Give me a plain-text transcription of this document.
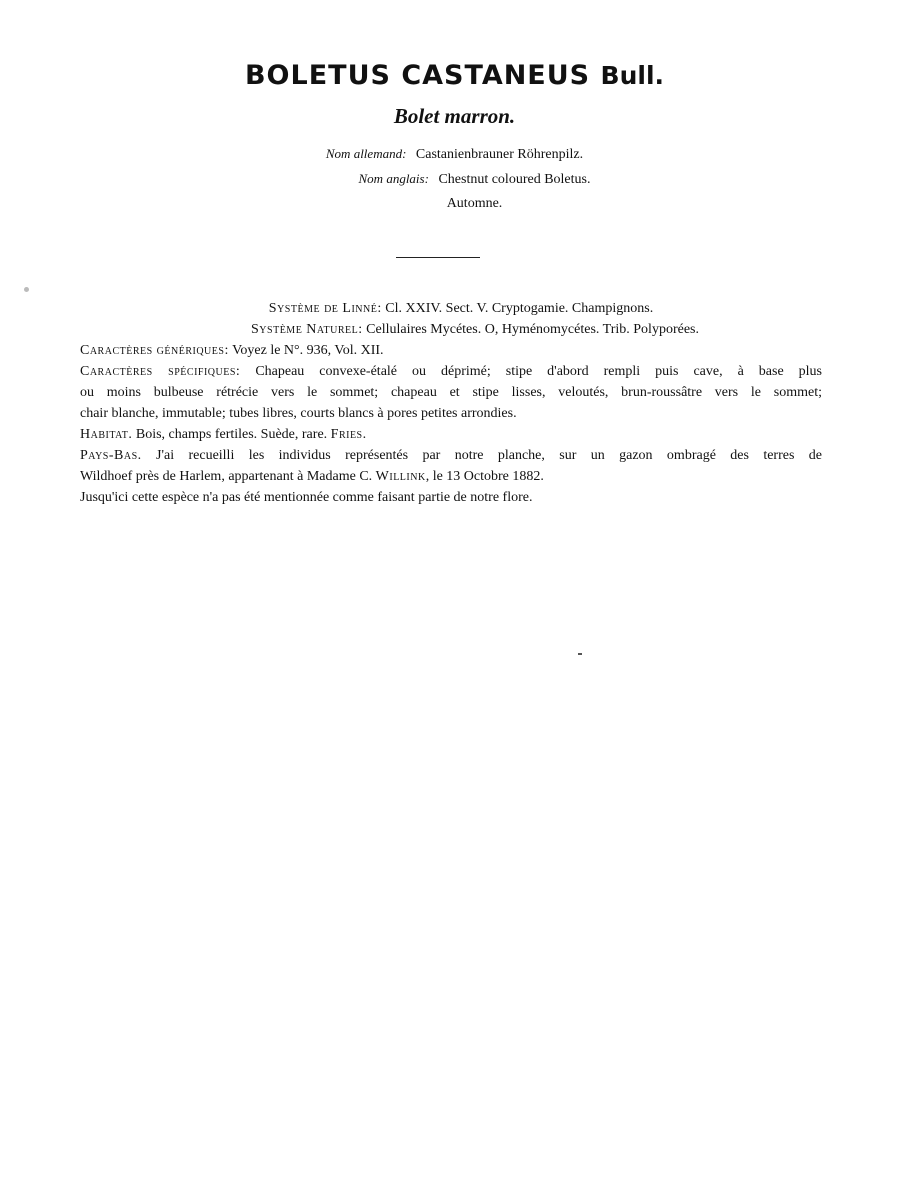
BOLETUS CASTANEUS Bull.
Bolet marron.
Nom allemand: Castanienbrauner Röhrenpilz.
Nom anglais: Chestnut coloured Boletus.
Automne.
Système de Linné: Cl. XXIV. Sect. V. Cryptogamie. Champignons.
Système Naturel: Cellulaires Mycétes. O, Hyménomycétes. Trib. Polyporées.
Caractères génériques: Voyez le N°. 936, Vol. XII.
Caractères spécifiques: Chapeau convexe-étalé ou déprimé; stipe d'abord rempli puis cave, à base plus
ou moins bulbeuse rétrécie vers le sommet; chapeau et stipe lisses, veloutés, brun-roussâtre vers le sommet;
chair blanche, immutable; tubes libres, courts blancs à pores petites arrondies.
Habitat. Bois, champs fertiles. Suède, rare. Fries.
Pays-Bas. J'ai recueilli les individus représentés par notre planche, sur un gazon ombragé des terres de
Wildhoef près de Harlem, appartenant à Madame C. Willink, le 13 Octobre 1882.
Jusqu'ici cette espèce n'a pas été mentionnée comme faisant partie de notre flore.
